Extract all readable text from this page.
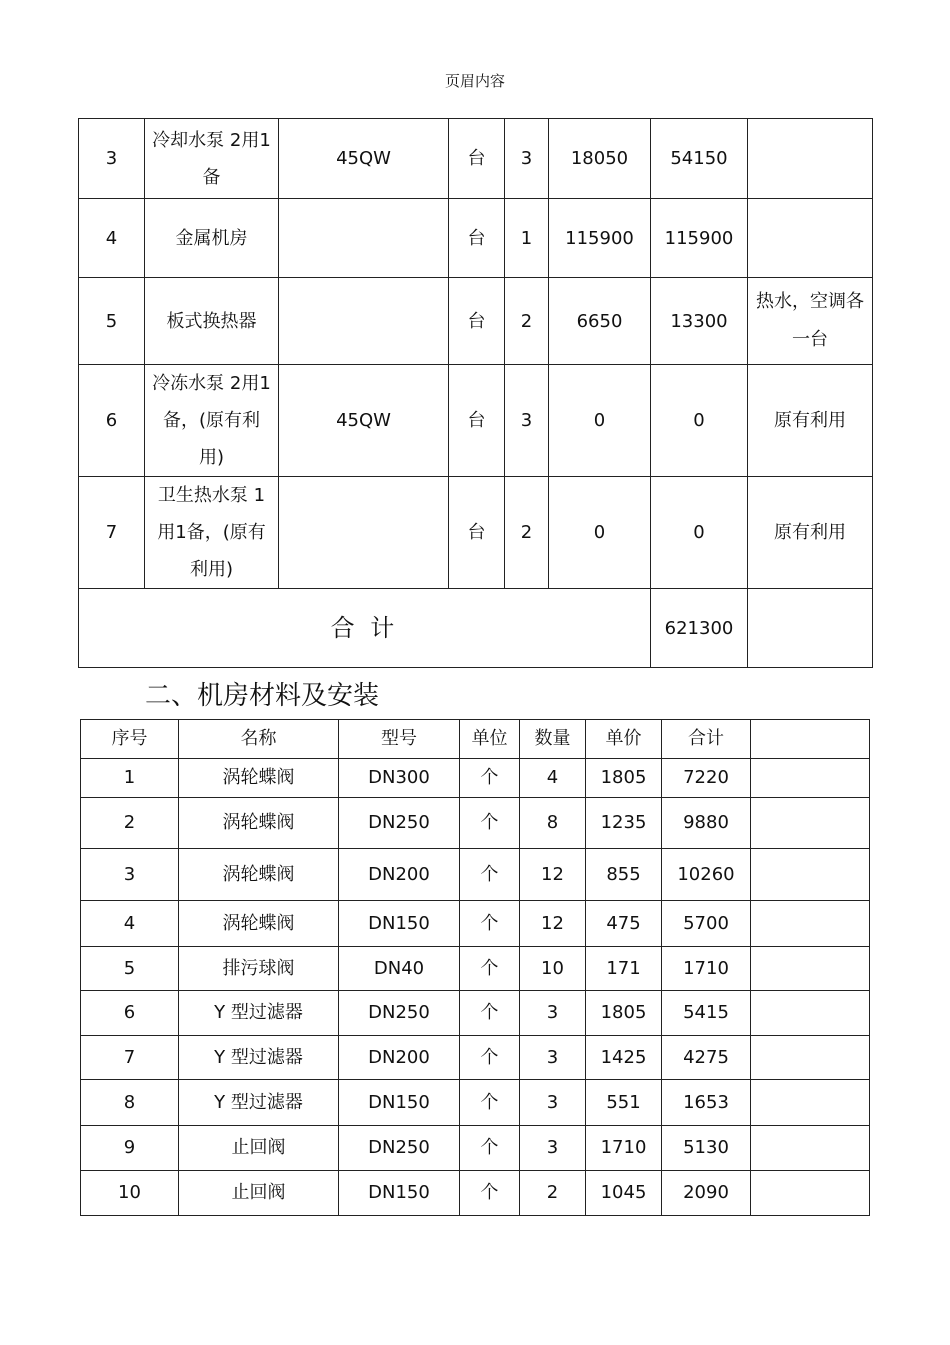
页眉内容
3	冷却水泵 2用1备	45QW	台	3	18050	54150	
4	金属机房		台	1	115900	115900	
5	板式换热器		台	2	6650	13300	热水，空调各一台
6	冷冻水泵 2用1备，(原有利用)	45QW	台	3	0	0	原有利用
7	卫生热水泵 1用1备，(原有利用)		台	2	0	0	原有利用
合 计						621300	
二、机房材料及安装
序号	名称	型号	单位	数量	单价	合计	
1	涡轮蝶阀	DN300	个	4	1805	7220	
2	涡轮蝶阀	DN250	个	8	1235	9880	
3	涡轮蝶阀	DN200	个	12	855	10260	
4	涡轮蝶阀	DN150	个	12	475	5700	
5	排污球阀	DN40	个	10	171	1710	
6	Y 型过滤器	DN250	个	3	1805	5415	
7	Y 型过滤器	DN200	个	3	1425	4275	
8	Y 型过滤器	DN150	个	3	551	1653	
9	止回阀	DN250	个	3	1710	5130	
10	止回阀	DN150	个	2	1045	2090	
